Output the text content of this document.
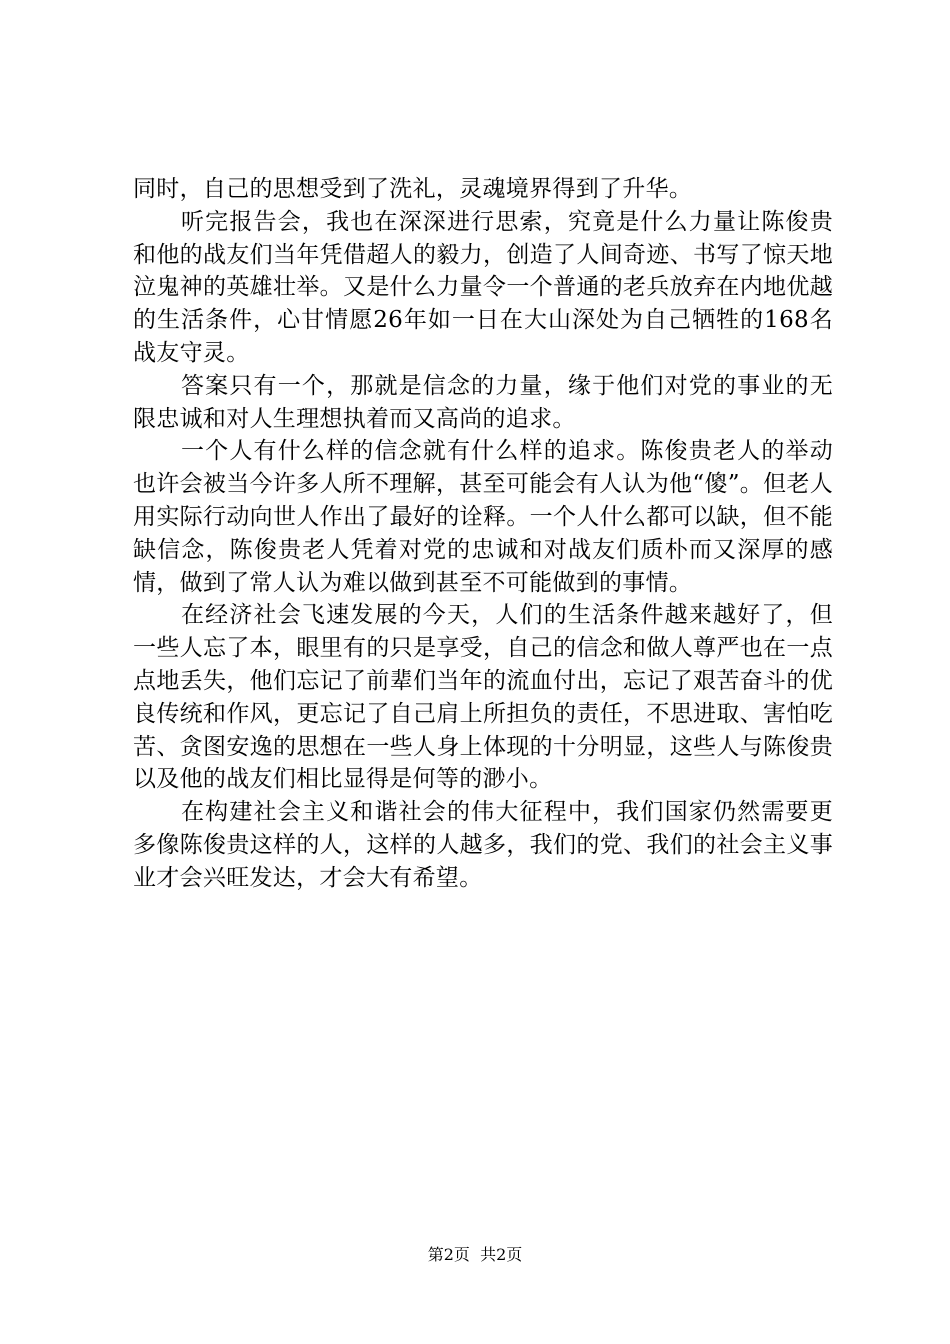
同时，自己的思想受到了洗礼，灵魂境界得到了升华。

听完报告会，我也在深深进行思索，究竟是什么力量让陈俊贵和他的战友们当年凭借超人的毅力，创造了人间奇迹、书写了惊天地泣鬼神的英雄壮举。又是什么力量令一个普通的老兵放弃在内地优越的生活条件，心甘情愿26年如一日在大山深处为自己牺牲的168名战友守灵。

答案只有一个，那就是信念的力量，缘于他们对党的事业的无限忠诚和对人生理想执着而又高尚的追求。

一个人有什么样的信念就有什么样的追求。陈俊贵老人的举动也许会被当今许多人所不理解，甚至可能会有人认为他“傻”。但老人用实际行动向世人作出了最好的诠释。一个人什么都可以缺，但不能缺信念，陈俊贵老人凭着对党的忠诚和对战友们质朴而又深厚的感情，做到了常人认为难以做到甚至不可能做到的事情。

在经济社会飞速发展的今天，人们的生活条件越来越好了，但一些人忘了本，眼里有的只是享受，自己的信念和做人尊严也在一点点地丢失，他们忘记了前辈们当年的流血付出，忘记了艰苦奋斗的优良传统和作风，更忘记了自己肩上所担负的责任，不思进取、害怕吃苦、贪图安逸的思想在一些人身上体现的十分明显，这些人与陈俊贵以及他的战友们相比显得是何等的渺小。

在构建社会主义和谐社会的伟大征程中，我们国家仍然需要更多像陈俊贵这样的人，这样的人越多，我们的党、我们的社会主义事业才会兴旺发达，才会大有希望。

第2页  共2页
